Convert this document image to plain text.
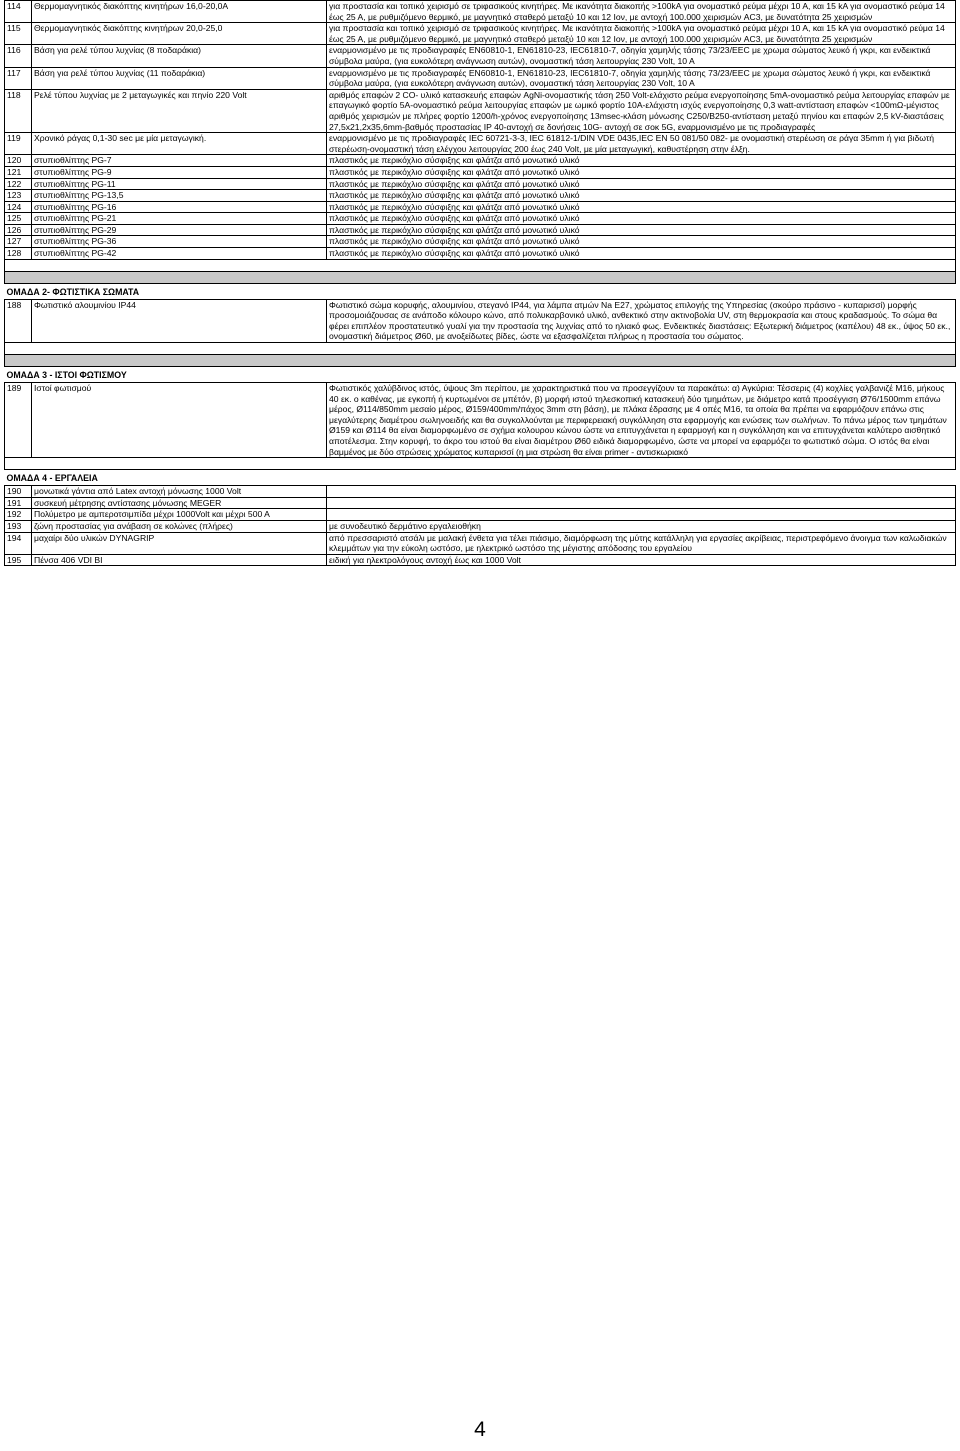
114	Θερμομαγνητικός διακόπτης κινητήρων 16,0-20,0Α	για προστασία και τοπικό χειρισμό σε τριφασικούς κινητήρες. Με ικανότητα διακοπής >100kA για ονομαστικό ρεύμα μέχρι 10 Α, και 15 kA για ονομαστικό ρεύμα 14 έως 25 Α, με ρυθμιζόμενο θερμικό, με μαγνητικό σταθερό μεταξύ 10 και 12 Ιον, με αντοχή 100.000 χειρισμών AC3, με δυνατότητα 25 χειρισμών
115	Θερμομαγνητικός διακόπτης κινητήρων 20,0-25,0	για προστασία και τοπικό χειρισμό σε τριφασικούς κινητήρες. Με ικανότητα διακοπής >100kA για ονομαστικό ρεύμα μέχρι 10 Α, και 15 kA για ονομαστικό ρεύμα 14 έως 25 Α, με ρυθμιζόμενο θερμικό, με μαγνητικό σταθερό μεταξύ 10 και 12 Ιον, με αντοχή 100.000 χειρισμών AC3, με δυνατότητα 25 χειρισμών
116	Βάση για ρελέ τύπου λυχνίας (8 ποδαράκια)	εναρμονισμένο με τις προδιαγραφές EN60810-1, EN61810-23, IEC61810-7, οδηγία χαμηλής τάσης 73/23/EEC με χρωμα σώματος λευκό ή γκρι, και ενδεικτικά σύμβολα μαύρα, (για ευκολότερη ανάγνωση αυτών), ονομαστική τάση λειτουργίας 230 Volt, 10 A
117	Βάση για ρελέ τύπου λυχνίας (11 ποδαράκια)	εναρμονισμένο με τις προδιαγραφές EN60810-1, EN61810-23, IEC61810-7, οδηγία χαμηλής τάσης 73/23/EEC με χρωμα σώματος λευκό ή γκρι, και ενδεικτικά σύμβολα μαύρα, (για ευκολότερη ανάγνωση αυτών), ονομαστική τάση λειτουργίας 230 Volt, 10 A
118	Ρελέ τύπου λυχνίας με 2 μεταγωγικές και πηνίο 220 Volt	αριθμός επαφών 2 CO- υλικό κατασκευής επαφών AgNi-ονομαστικής τάση 250 Volt-ελάχιστο ρεύμα ενεργοποίησης 5mA-ονομαστικό ρεύμα λειτουργίας επαφών με επαγωγικό φορτίο 5Α-ονομαστικό ρεύμα λειτουργίας επαφών με ωμικό φορτίο 10Α-ελάχιστη ισχύς ενεργοποίησης 0,3 watt-αντίσταση επαφών <100mΩ-μέγιστος αριθμός χειρισμών με πλήρες φορτίο 1200/h-χρόνος ενεργοποίησης 13msec-κλάση μόνωσης C250/B250-αντίσταση μεταξύ πηνίου και επαφών 2,5 kV-διαστάσεις 27,5x21,2x35,6mm-βαθμός προστασίας IP 40-αντοχή σε δονήσεις 10G- αντοχή σε σοκ 5G, εναρμονισμένο με τις προδιαγραφές
119	Χρονικό ράγας 0,1-30 sec με μία μεταγωγική.	εναρμονισμένο με τις προδιαγραφές IEC 60721-3-3, IEC 61812-1/DIN VDE 0435,IEC EN 50 081/50 082- με ονομαστική στερέωση σε ράγα 35mm ή για βιδωτή στερέωση-ονομαστική τάση ελέγχου λειτουργίας 200 έως 240 Volt, με μία μεταγωγική, καθυστέρηση στην έλξη.
120	στυπιοθλίπτης PG-7	πλαστικός με περικόχλιο σύσφιξης και φλάτζα από μονωτικό υλικό
121	στυπιοθλίπτης PG-9	πλαστικός με περικόχλιο σύσφιξης και φλάτζα από μονωτικό υλικό
122	στυπιοθλίπτης PG-11	πλαστικός με περικόχλιο σύσφιξης και φλάτζα από μονωτικό υλικό
123	στυπιοθλίπτης PG-13,5	πλαστικός με περικόχλιο σύσφιξης και φλάτζα από μονωτικό υλικό
124	στυπιοθλίπτης PG-16	πλαστικός με περικόχλιο σύσφιξης και φλάτζα από μονωτικό υλικό
125	στυπιοθλίπτης PG-21	πλαστικός με περικόχλιο σύσφιξης και φλάτζα από μονωτικό υλικό
126	στυπιοθλίπτης PG-29	πλαστικός με περικόχλιο σύσφιξης και φλάτζα από μονωτικό υλικό
127	στυπιοθλίπτης PG-36	πλαστικός με περικόχλιο σύσφιξης και φλάτζα από μονωτικό υλικό
128	στυπιοθλίπτης PG-42	πλαστικός με περικόχλιο σύσφιξης και φλάτζα από μονωτικό υλικό

ΟΜΑΔΑ 2- ΦΩΤΙΣΤΙΚΑ ΣΩΜΑΤΑ		
188	Φωτιστικό αλουμινίου IP44	Φωτιστικό σώμα κορυφής, αλουμινίου, στεγανό IP44, για λάμπα ατμών Na E27, χρώματος επιλογής της Υπηρεσίας (σκούρο πράσινο - κυπαρισσί) μορφής προσομοιάζουσας σε ανάποδο κόλουρο κώνο, από πολυκαρβονικό υλικό, ανθεκτικό στην ακτινοβολία UV, στη θερμοκρασία και στους κραδασμούς. Το σώμα θα φέρει επιπλέον προστατευτικό γυαλί για την προστασία της λυχνίας από το ηλιακό φως. Ενδεικτικές διαστάσεις: Εξωτερική διάμετρος (καπέλου) 48 εκ., ύψος 50 εκ., ονομαστική διάμετρος Ø60, με ανοξείδωτες βίδες, ώστε να εξασφαλίζεται πλήρως η προστασία του σώματος.

ΟΜΑΔΑ 3 - ΙΣΤΟΙ ΦΩΤΙΣΜΟΥ		
189	Ιστοί φωτισμού	Φωτιστικός χαλύβδινος ιστός, ύψους 3m περίπου, με χαρακτηριστικά που να προσεγγίζουν τα παρακάτω: α) Αγκύρια: Τέσσερις (4) κοχλίες γαλβανιζέ Μ16, μήκους 40 εκ. ο καθένας, με εγκοπή ή κυρτωμένοι σε μπέτόν, β) μορφή ιστού τηλεσκοπική κατασκευή δύο τμημάτων, με διάμετρο κατά προσέγγιση Ø76/1500mm επάνω μέρος, Ø114/850mm μεσαίο μέρος, Ø159/400mm/πάχος 3mm στη βάση), με πλάκα έδρασης με 4 οπές Μ16, τα οποία θα πρέπει να εφαρμόζουν επάνω στις μεγαλύτερης διαμέτρου σωληνοειδής και θα συγκολλούνται με περιφερειακή συγκόλληση στα εφαρμογής και ενώσεις των σωλήνων. Το πάνω μέρος των τμημάτων Ø159 και Ø114 θα είναι διαμορφωμένο σε σχήμα κολουρου κώνου ώστε να επιτυγχάνεται η εφαρμογή και η συγκόλληση και να επιτυγχάνεται καλύτερο αισθητικό αποτέλεσμα. Στην κορυφή, το άκρο του ιστού θα είναι διαμέτρου Ø60 ειδικά διαμορφωμένο, ώστε να μπορεί να εφαρμόζει το φωτιστικό σώμα. Ο ιστός θα είναι βαμμένος με δύο στρώσεις χρώματος κυπαρισσί (η μια στρώση θα είναι primer - αντισκωριακό

ΟΜΑΔΑ 4 - ΕΡΓΑΛΕΙΑ		
190	μονωτικά γάντια από Latex αντοχή μόνωσης 1000 Volt	
191	συσκευή μέτρησης αντίστασης μόνωσης MEGER	
192	Πολύμετρο με αμπεροτσιμπίδα μέχρι 1000Volt και μέχρι 500 Α	
193	ζώνη προστασίας για ανάβαση σε κολώνες (πλήρες)	με συνοδευτικό δερμάτινο εργαλειοθήκη
194	μαχαίρι δύο υλικών DYNAGRIP	από πρεσσαριστό ατσάλι με μαλακή ένθετα για τέλει πιάσιμο, διαμόρφωση της μύτης κατάλληλη για εργασίες ακρίβειας, περιστρεφόμενο άνοιγμα των καλωδιακών κλεμμάτων για την εύκολη ωστόσο, με ηλεκτρικό ωστόσο της μέγιστης απόδοσης του εργαλείου
195	Πένσα 406 VDI BI	ειδική για ηλεκτρολόγους αντοχή έως και 1000 Volt
4
